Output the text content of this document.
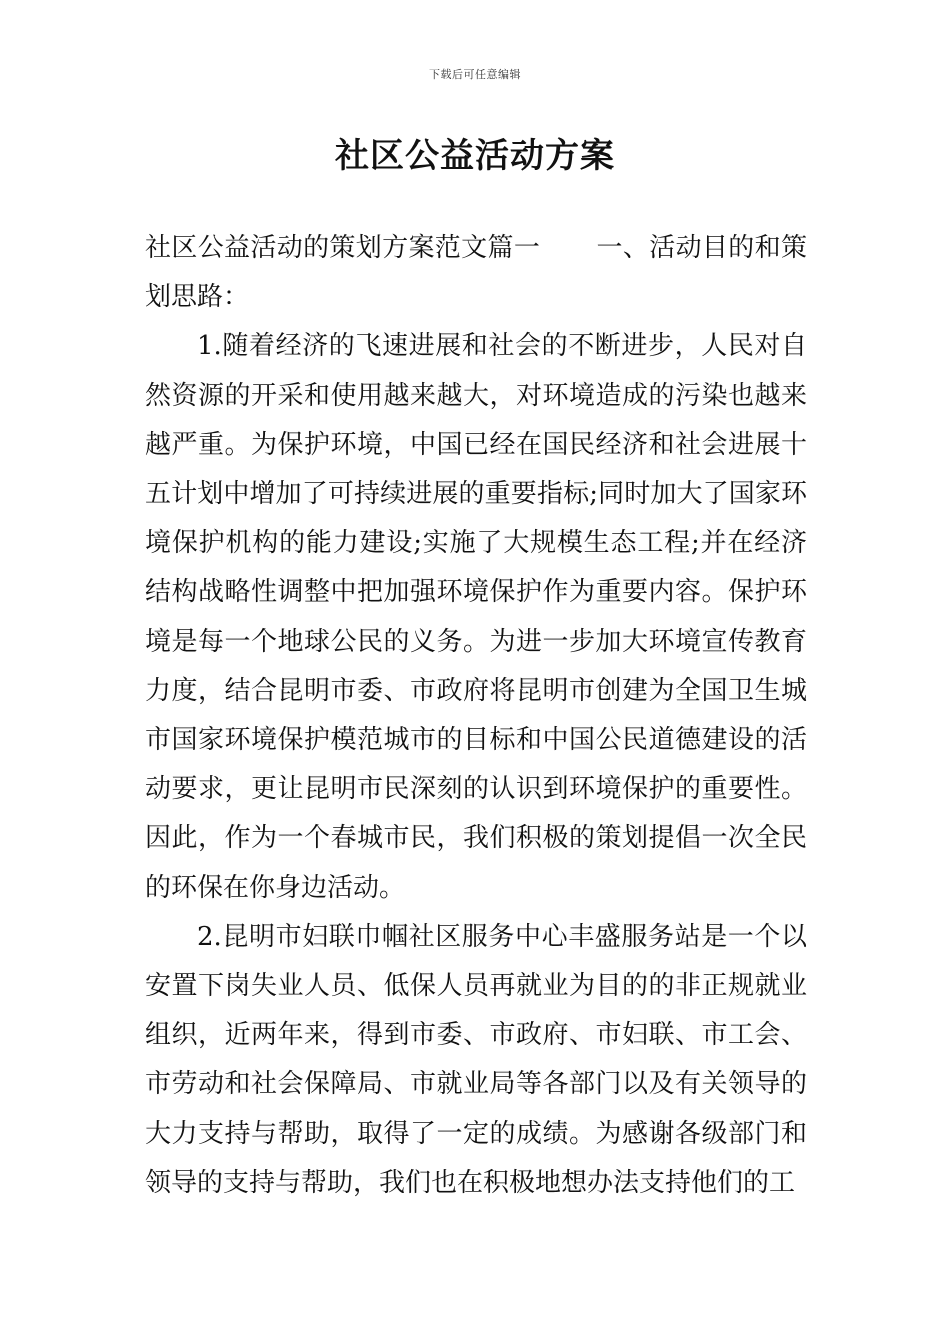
下载后可任意编辑
社区公益活动方案

社区公益活动的策划方案范文篇一 一、活动目的和策划思路：

1.随着经济的飞速进展和社会的不断进步，人民对自然资源的开采和使用越来越大，对环境造成的污染也越来越严重。为保护环境，中国已经在国民经济和社会进展十五计划中增加了可持续进展的重要指标;同时加大了国家环境保护机构的能力建设;实施了大规模生态工程;并在经济结构战略性调整中把加强环境保护作为重要内容。保护环境是每一个地球公民的义务。为进一步加大环境宣传教育力度，结合昆明市委、市政府将昆明市创建为全国卫生城市国家环境保护模范城市的目标和中国公民道德建设的活动要求，更让昆明市民深刻的认识到环境保护的重要性。因此，作为一个春城市民，我们积极的策划提倡一次全民的环保在你身边活动。

2.昆明市妇联巾帼社区服务中心丰盛服务站是一个以安置下岗失业人员、低保人员再就业为目的的非正规就业组织，近两年来，得到市委、市政府、市妇联、市工会、市劳动和社会保障局、市就业局等各部门以及有关领导的大力支持与帮助，取得了一定的成绩。为感谢各级部门和领导的支持与帮助，我们也在积极地想办法支持他们的工
